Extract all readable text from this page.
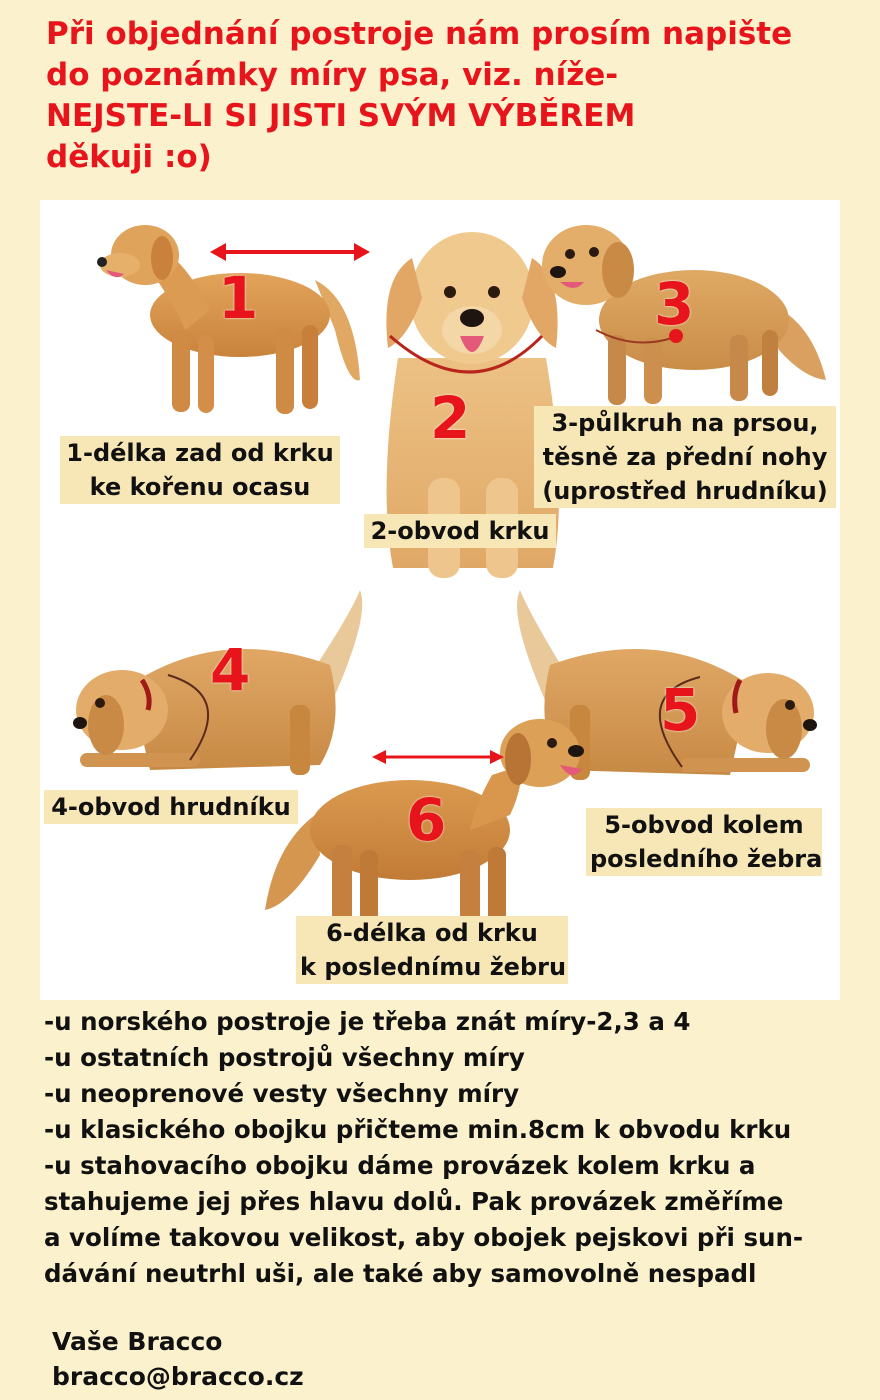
Při objednání postroje nám prosím napište
do poznámky míry psa, viz. níže-
NEJSTE-LI SI JISTI SVÝM VÝBĚREM
děkuji :o)
1
2
3
4
5
6
1-délka zad od krku
ke kořenu ocasu
2-obvod krku
3-půlkruh na prsou,
těsně za přední nohy
(uprostřed hrudníku)
4-obvod hrudníku
5-obvod kolem
posledního žebra
6-délka od krku
k poslednímu žebru
-u norského postroje je třeba znát míry-2,3 a 4
-u ostatních postrojů všechny míry
-u neoprenové vesty všechny míry
-u klasického obojku přičteme min.8cm k obvodu krku
-u stahovacího obojku dáme provázek kolem krku a
stahujeme jej přes hlavu dolů. Pak provázek změříme
a volíme takovou velikost, aby obojek pejskovi při sun-
dávání neutrhl uši, ale také aby samovolně nespadl
Vaše Bracco
bracco@bracco.cz
